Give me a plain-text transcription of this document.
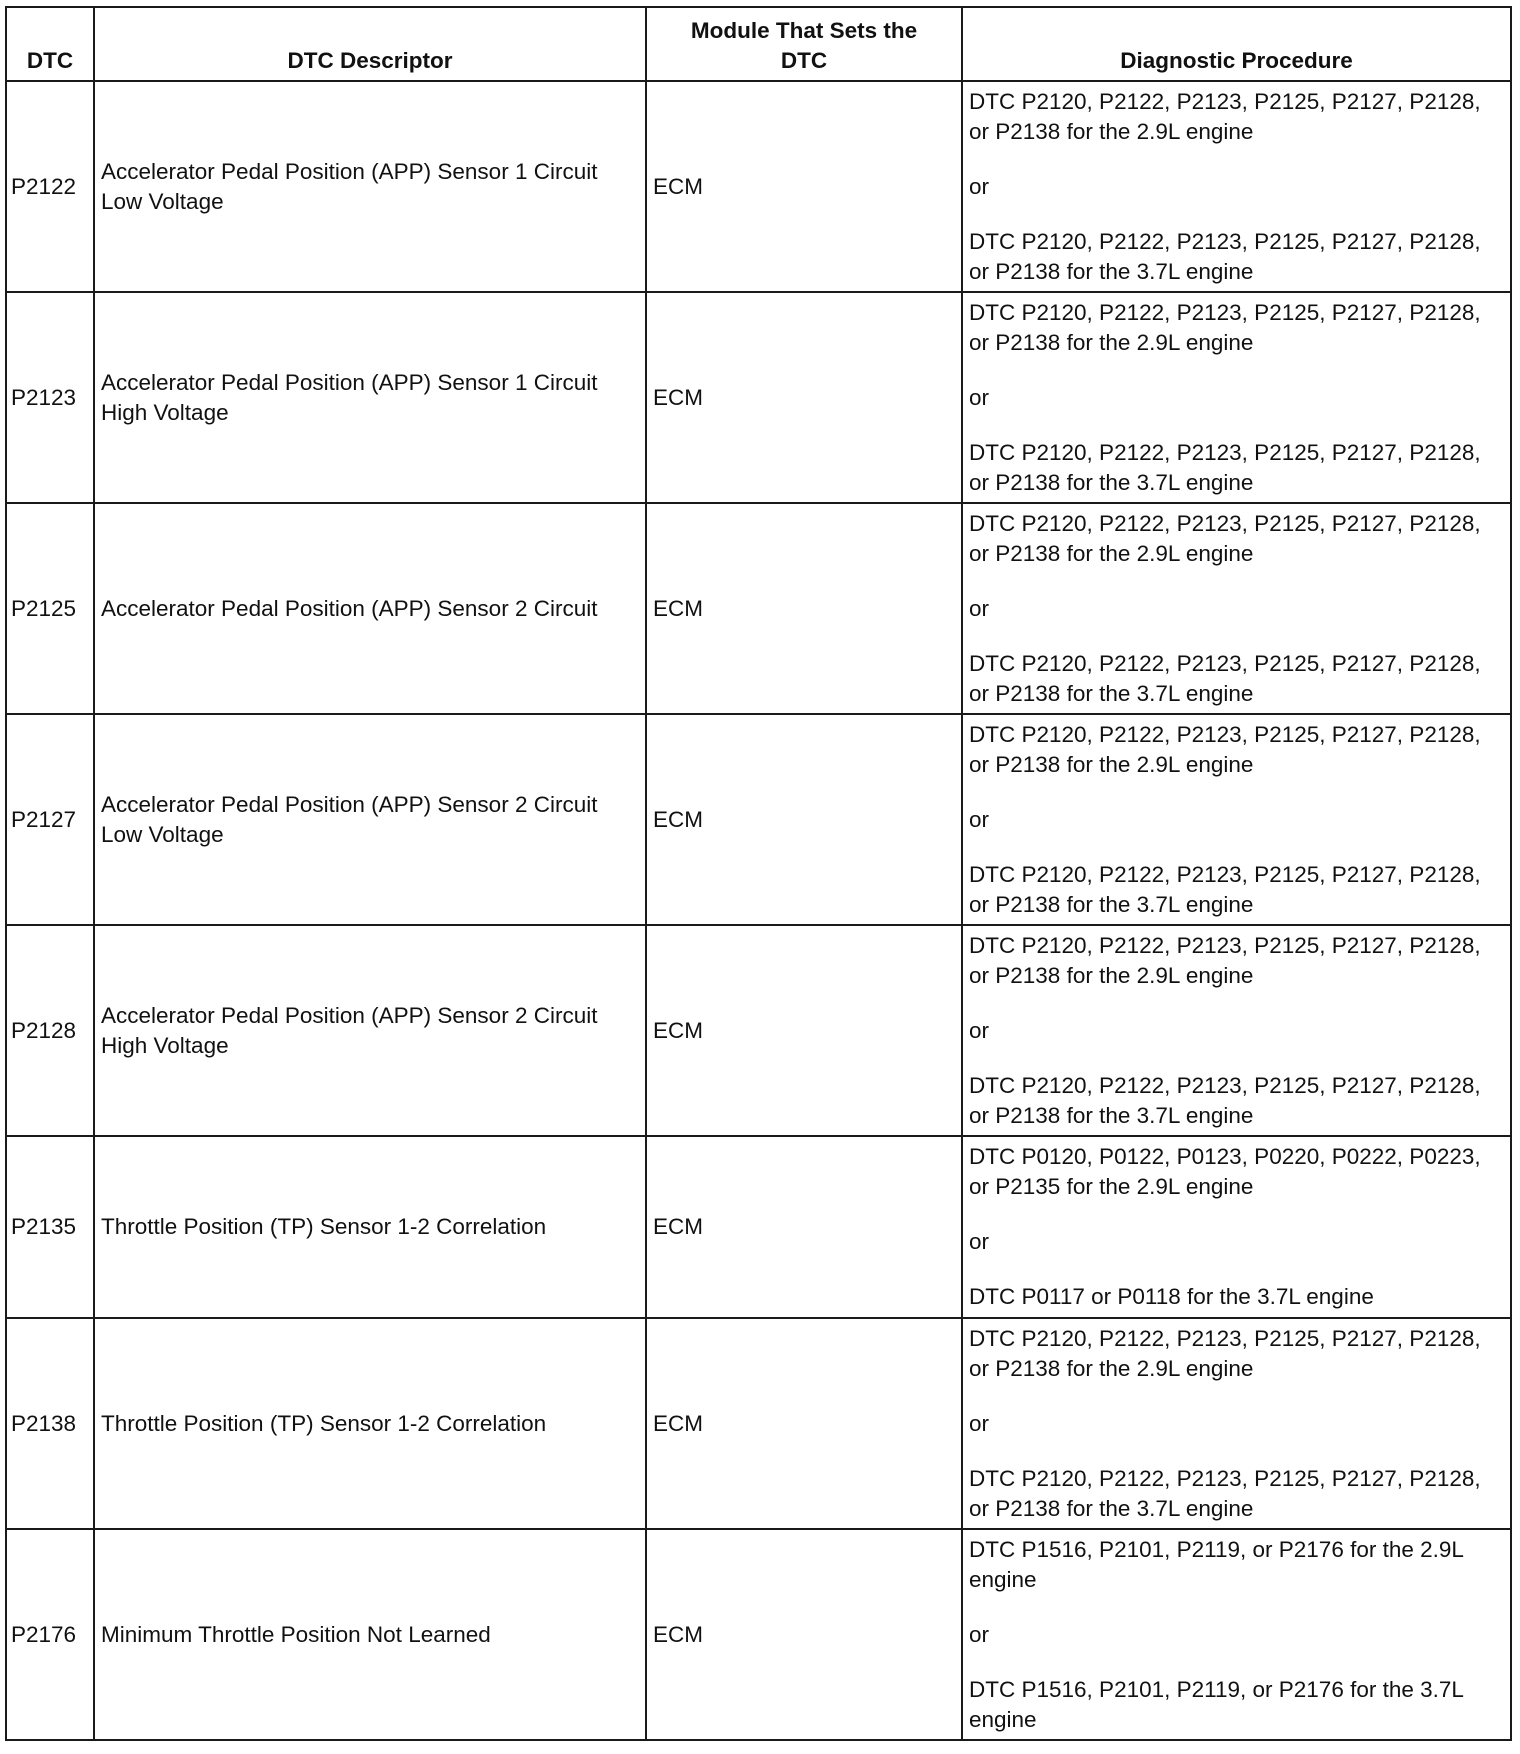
DTC	DTC Descriptor	Module That Sets the DTC	Diagnostic Procedure
P2122	Accelerator Pedal Position (APP) Sensor 1 Circuit Low Voltage	ECM	DTC P2120, P2122, P2123, P2125, P2127, P2128, or P2138 for the 2.9L engine
or
DTC P2120, P2122, P2123, P2125, P2127, P2128, or P2138 for the 3.7L engine

P2123	Accelerator Pedal Position (APP) Sensor 1 Circuit High Voltage	ECM	DTC P2120, P2122, P2123, P2125, P2127, P2128, or P2138 for the 2.9L engine
or
DTC P2120, P2122, P2123, P2125, P2127, P2128, or P2138 for the 3.7L engine

P2125	Accelerator Pedal Position (APP) Sensor 2 Circuit	ECM	DTC P2120, P2122, P2123, P2125, P2127, P2128, or P2138 for the 2.9L engine
or
DTC P2120, P2122, P2123, P2125, P2127, P2128, or P2138 for the 3.7L engine

P2127	Accelerator Pedal Position (APP) Sensor 2 Circuit Low Voltage	ECM	DTC P2120, P2122, P2123, P2125, P2127, P2128, or P2138 for the 2.9L engine
or
DTC P2120, P2122, P2123, P2125, P2127, P2128, or P2138 for the 3.7L engine

P2128	Accelerator Pedal Position (APP) Sensor 2 Circuit High Voltage	ECM	DTC P2120, P2122, P2123, P2125, P2127, P2128, or P2138 for the 2.9L engine
or
DTC P2120, P2122, P2123, P2125, P2127, P2128, or P2138 for the 3.7L engine

P2135	Throttle Position (TP) Sensor 1-2 Correlation	ECM	DTC P0120, P0122, P0123, P0220, P0222, P0223, or P2135 for the 2.9L engine
or
DTC P0117 or P0118 for the 3.7L engine

P2138	Throttle Position (TP) Sensor 1-2 Correlation	ECM	DTC P2120, P2122, P2123, P2125, P2127, P2128, or P2138 for the 2.9L engine
or
DTC P2120, P2122, P2123, P2125, P2127, P2128, or P2138 for the 3.7L engine

P2176	Minimum Throttle Position Not Learned	ECM	DTC P1516, P2101, P2119, or P2176 for the 2.9L engine
or
DTC P1516, P2101, P2119, or P2176 for the 3.7L engine
